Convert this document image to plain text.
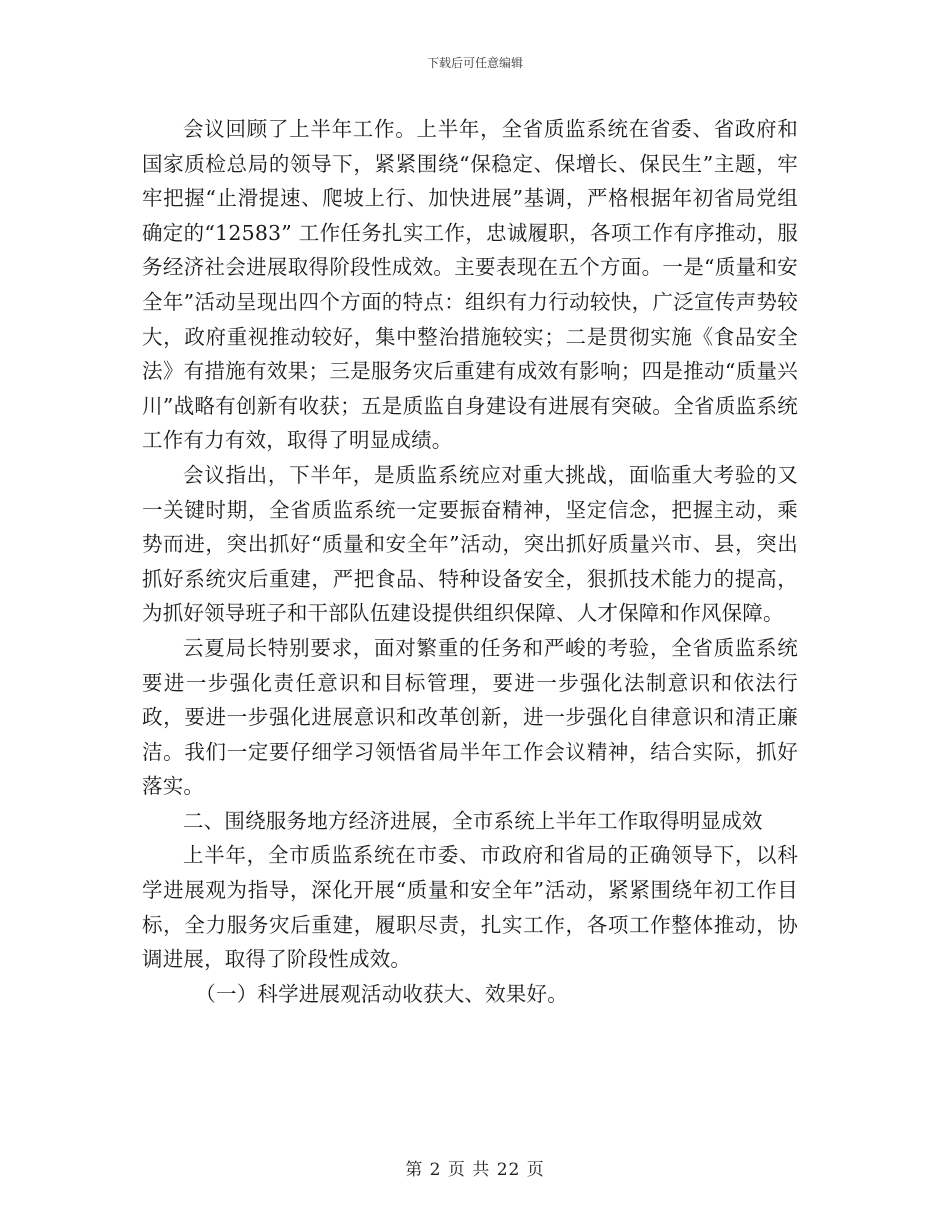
下载后可任意编辑

会议回顾了上半年工作。上半年，全省质监系统在省委、省政府和国家质检总局的领导下，紧紧围绕“保稳定、保增长、保民生”主题，牢牢把握“止滑提速、爬坡上行、加快进展”基调，严格根据年初省局党组确定的“12583” 工作任务扎实工作，忠诚履职，各项工作有序推动，服务经济社会进展取得阶段性成效。主要表现在五个方面。一是“质量和安全年”活动呈现出四个方面的特点：组织有力行动较快，广泛宣传声势较大，政府重视推动较好，集中整治措施较实；二是贯彻实施《食品安全法》有措施有效果；三是服务灾后重建有成效有影响；四是推动“质量兴川”战略有创新有收获；五是质监自身建设有进展有突破。全省质监系统工作有力有效，取得了明显成绩。

会议指出，下半年，是质监系统应对重大挑战，面临重大考验的又一关键时期，全省质监系统一定要振奋精神，坚定信念，把握主动，乘势而进，突出抓好“质量和安全年”活动，突出抓好质量兴市、县，突出抓好系统灾后重建，严把食品、特种设备安全，狠抓技术能力的提高，为抓好领导班子和干部队伍建设提供组织保障、人才保障和作风保障。

云夏局长特别要求，面对繁重的任务和严峻的考验，全省质监系统要进一步强化责任意识和目标管理，要进一步强化法制意识和依法行政，要进一步强化进展意识和改革创新，进一步强化自律意识和清正廉洁。我们一定要仔细学习领悟省局半年工作会议精神，结合实际，抓好落实。

二、围绕服务地方经济进展，全市系统上半年工作取得明显成效

上半年，全市质监系统在市委、市政府和省局的正确领导下，以科学进展观为指导，深化开展“质量和安全年”活动，紧紧围绕年初工作目标，全力服务灾后重建，履职尽责，扎实工作，各项工作整体推动，协调进展，取得了阶段性成效。

（一）科学进展观活动收获大、效果好。

第 2 页 共 22 页
